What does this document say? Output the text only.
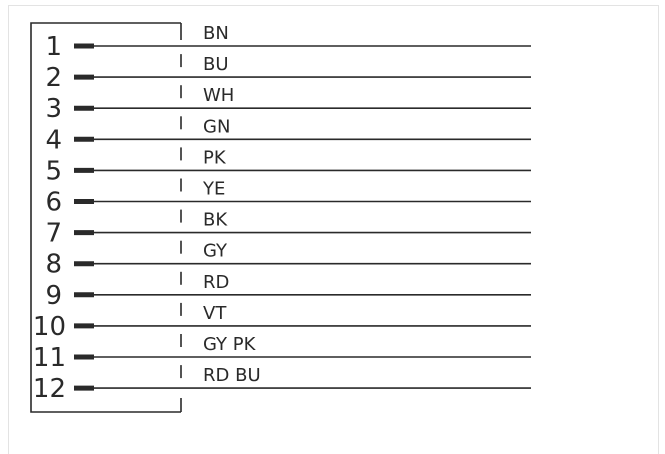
1	BN
2	BU
3	WH
4	GN
5	PK
6	YE
7	BK
8	GY
9	RD
10	VT
11	GY PK
12	RD BU
